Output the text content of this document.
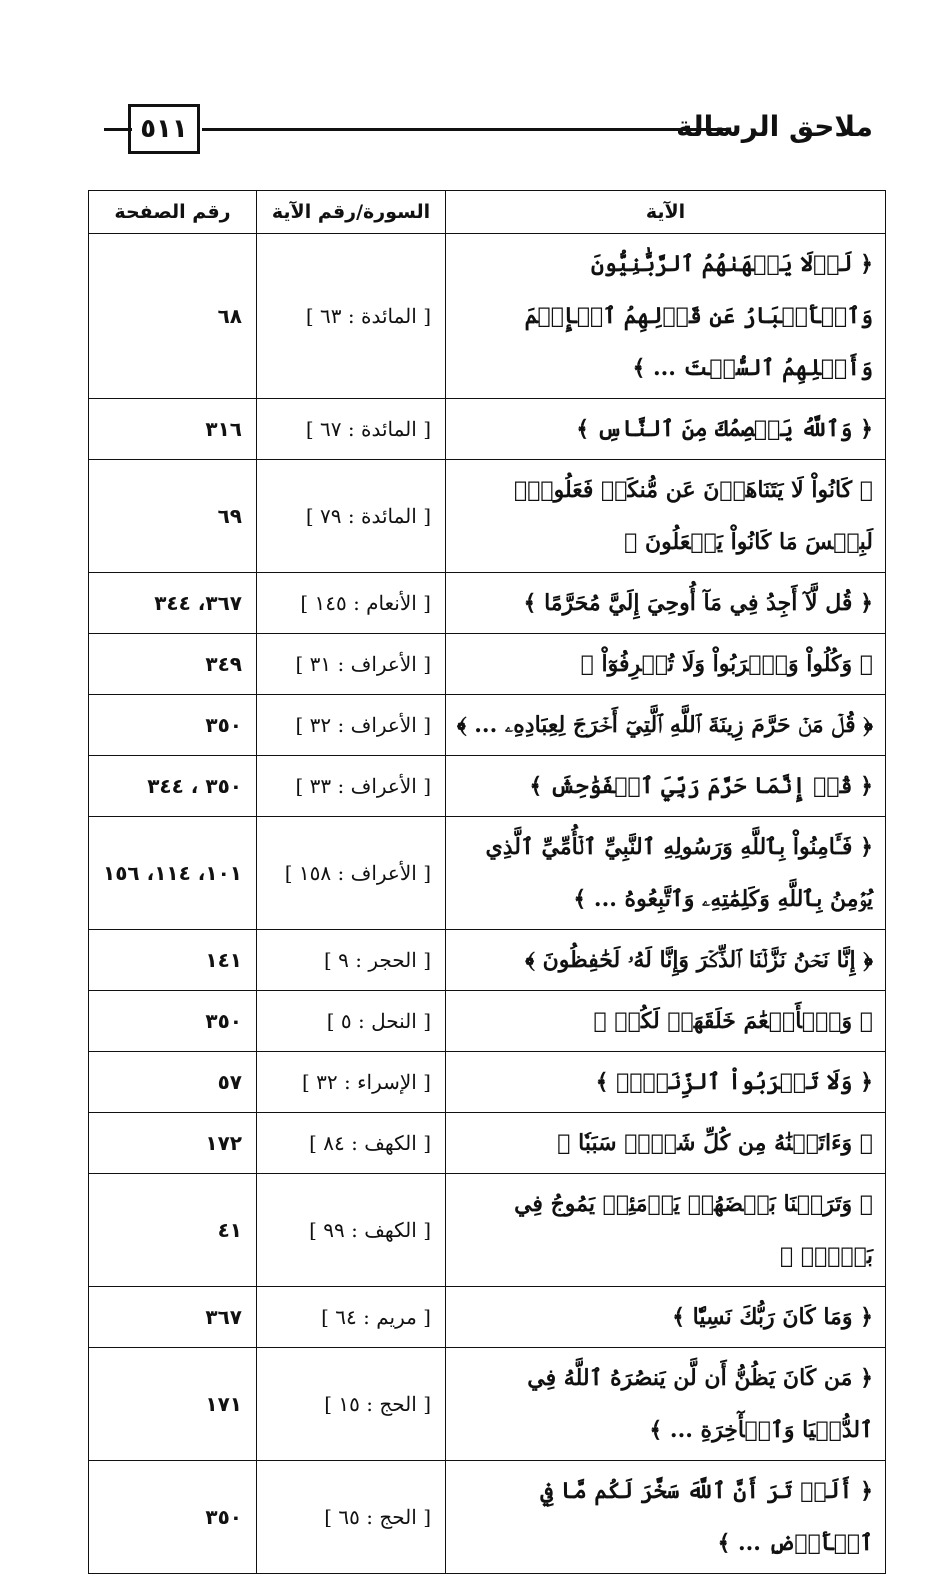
٥١١	ملاحق الرسالة
الآية	السورة/رقم الآية	رقم الصفحة
﴿ لَوۡلَا يَنۡهَىٰهُمُ ٱلرَّبَّٰنِيُّونَ وَٱلۡأَحۡبَارُ عَن قَوۡلِهِمُ ٱلۡإِثۡمَ وَأَكۡلِهِمُ ٱلسُّحۡتَ ... ﴾	[ المائدة : ٦٣ ]	٦٨
﴿ وَٱللَّهُ يَعۡصِمُكَ مِنَ ٱلنَّاسِ ﴾	[ المائدة : ٦٧ ]	٣١٦
﴿ كَانُواْ لَا يَتَنَاهَوۡنَ عَن مُّنكَرٖ فَعَلُوهُۚ لَبِئۡسَ مَا كَانُواْ يَفۡعَلُونَ ﴾	[ المائدة : ٧٩ ]	٦٩
﴿ قُل لَّآ أَجِدُ فِي مَآ أُوحِيَ إِلَيَّ مُحَرَّمًا ﴾	[ الأنعام : ١٤٥ ]	٣٦٧، ٣٤٤
﴿ وَكُلُواْ وَٱشۡرَبُواْ وَلَا تُسۡرِفُوٓاْ ﴾	[ الأعراف : ٣١ ]	٣٤٩
﴿ قُلۡ مَنۡ حَرَّمَ زِينَةَ ٱللَّهِ ٱلَّتِيٓ أَخۡرَجَ لِعِبَادِهِۦ ... ﴾	[ الأعراف : ٣٢ ]	٣٥٠
﴿ قُلۡ إِنَّمَا حَرَّمَ رَبِّيَ ٱلۡفَوَٰحِشَ ﴾	[ الأعراف : ٣٣ ]	٣٥٠ ، ٣٤٤
﴿ فَـَٔامِنُواْ بِٱللَّهِ وَرَسُولِهِ ٱلنَّبِيِّ ٱلۡأُمِّيِّ ٱلَّذِي يُؤۡمِنُ بِٱللَّهِ وَكَلِمَٰتِهِۦ وَٱتَّبِعُوهُ ... ﴾	[ الأعراف : ١٥٨ ]	١٠١، ١١٤، ١٥٦
﴿ إِنَّا نَحۡنُ نَزَّلۡنَا ٱلذِّكۡرَ وَإِنَّا لَهُۥ لَحَٰفِظُونَ ﴾	[ الحجر : ٩ ]	١٤١
﴿ وَٱلۡأَنۡعَٰمَ خَلَقَهَاۚ لَكُمۡ ﴾	[ النحل : ٥ ]	٣٥٠
﴿ وَلَا تَقۡرَبُواْ ٱلزِّنَىٰٓۖ ﴾	[ الإسراء : ٣٢ ]	٥٧
﴿ وَءَاتَيۡنَٰهُ مِن كُلِّ شَيۡءٖ سَبَبٗا ﴾	[ الكهف : ٨٤ ]	١٧٢
﴿ وَتَرَكۡنَا بَعۡضَهُمۡ يَوۡمَئِذٖ يَمُوجُ فِي بَعۡضٖۖ ﴾	[ الكهف : ٩٩ ]	٤١
﴿ وَمَا كَانَ رَبُّكَ نَسِيّٗا ﴾	[ مريم : ٦٤ ]	٣٦٧
﴿ مَن كَانَ يَظُنُّ أَن لَّن يَنصُرَهُ ٱللَّهُ فِي ٱلدُّنۡيَا وَٱلۡأٓخِرَةِ ... ﴾	[ الحج : ١٥ ]	١٧١
﴿ أَلَمۡ تَرَ أَنَّ ٱللَّهَ سَخَّرَ لَكُم مَّا فِي ٱلۡأَرۡضِ ... ﴾	[ الحج : ٦٥ ]	٣٥٠
